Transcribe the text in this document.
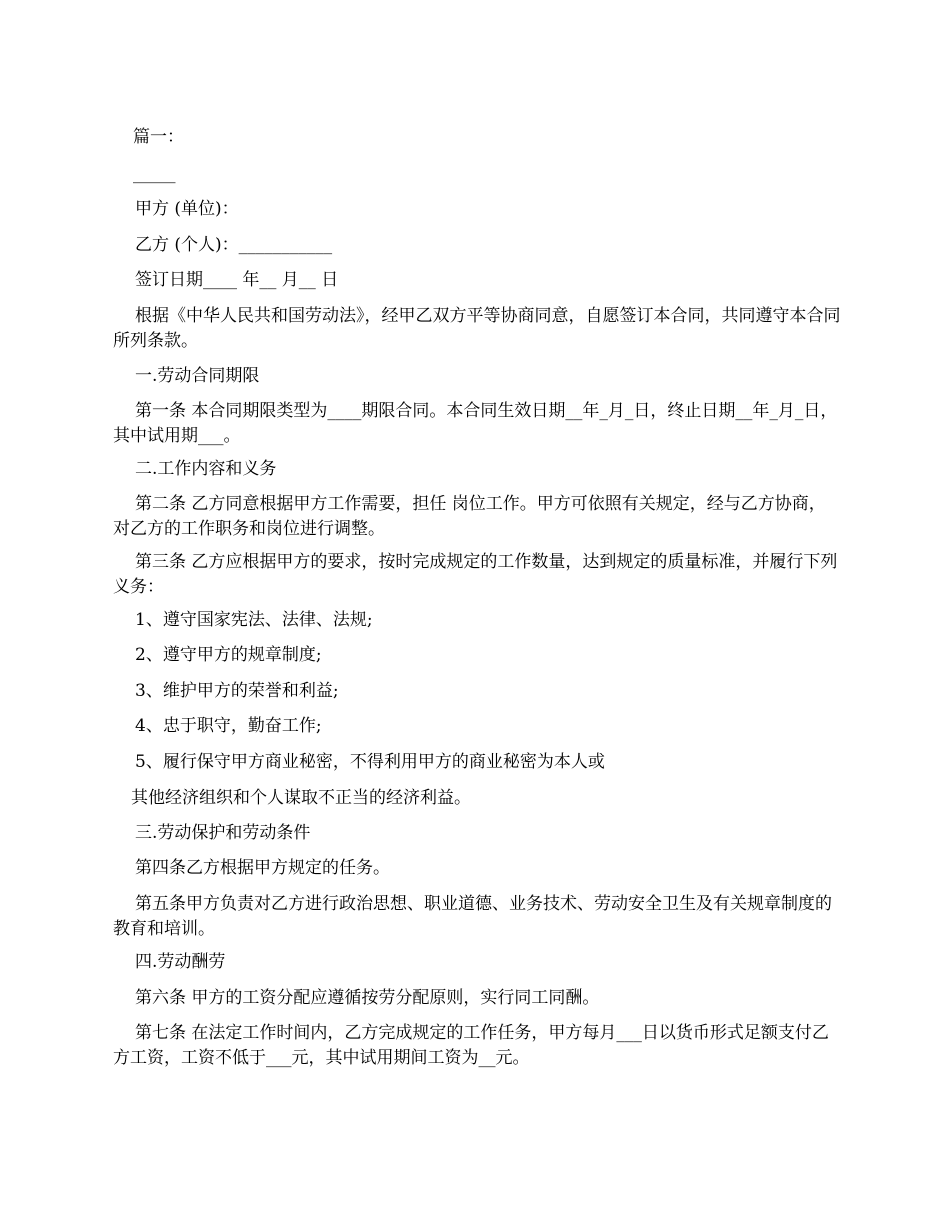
篇一：
_____
甲方 (单位)：
乙方 (个人)：___________
签订日期____ 年__ 月__ 日
根据《中华人民共和国劳动法》，经甲乙双方平等协商同意，自愿签订本合同，共同遵守本合同所列条款。
一.劳动合同期限
第一条 本合同期限类型为____期限合同。本合同生效日期__年_月_日，终止日期__年_月_日，其中试用期___。
二.工作内容和义务
第二条 乙方同意根据甲方工作需要，担任 岗位工作。甲方可依照有关规定，经与乙方协商，对乙方的工作职务和岗位进行调整。
第三条 乙方应根据甲方的要求，按时完成规定的工作数量，达到规定的质量标准，并履行下列义务：
1、遵守国家宪法、法律、法规;
2、遵守甲方的规章制度;
3、维护甲方的荣誉和利益;
4、忠于职守，勤奋工作;
5、履行保守甲方商业秘密，不得利用甲方的商业秘密为本人或
其他经济组织和个人谋取不正当的经济利益。
三.劳动保护和劳动条件
第四条乙方根据甲方规定的任务。
第五条甲方负责对乙方进行政治思想、职业道德、业务技术、劳动安全卫生及有关规章制度的教育和培训。
四.劳动酬劳
第六条 甲方的工资分配应遵循按劳分配原则，实行同工同酬。
第七条 在法定工作时间内，乙方完成规定的工作任务，甲方每月___日以货币形式足额支付乙方工资，工资不低于___元，其中试用期间工资为__元。
